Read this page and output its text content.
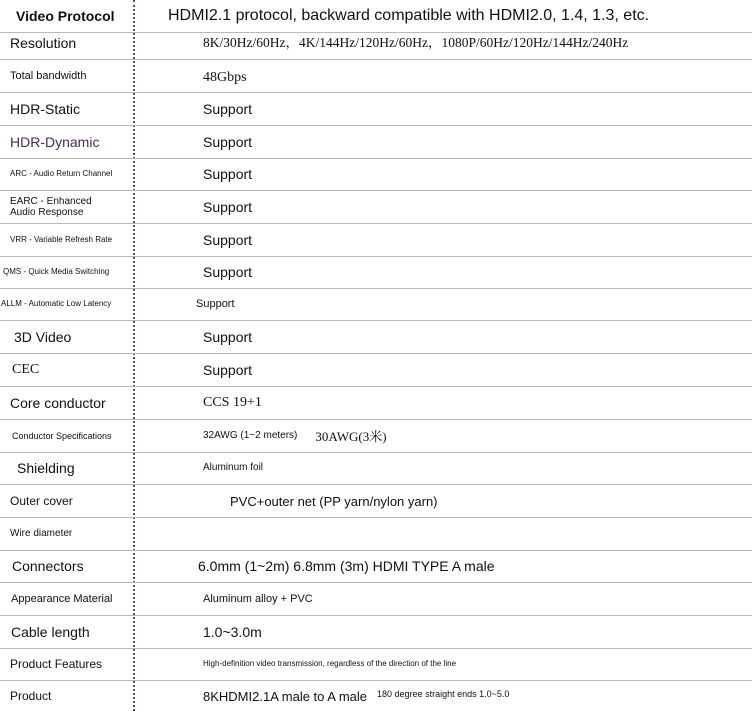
Video Protocol	HDMI2.1 protocol, backward compatible with HDMI2.0, 1.4, 1.3, etc.
Resolution	8K/30Hz/60Hz，4K/144Hz/120Hz/60Hz，1080P/60Hz/120Hz/144Hz/240Hz
Total bandwidth	48Gbps
HDR-Static	Support
HDR-Dynamic	Support
ARC - Audio Return Channel	Support
EARC - Enhanced
Audio Response	Support
VRR - Variable Refresh Rate	Support
QMS - Quick Media Switching	Support
ALLM - Automatic Low Latency	Support
3D Video	Support
CEC	Support
Core conductor	CCS 19+1
Conductor Specifications	32AWG (1~2 meters) 30AWG(3米)
Shielding	Aluminum foil
Outer cover	PVC+outer net (PP yarn/nylon yarn)
Wire diameter
Connectors	6.0mm (1~2m) 6.8mm (3m) HDMI TYPE A male
Appearance Material	Aluminum alloy + PVC
Cable length	1.0~3.0m
Product Features	High-definition video transmission, regardless of the direction of the line
Product	8KHDMI2.1A male to A male 180 degree straight ends 1.0~5.0
